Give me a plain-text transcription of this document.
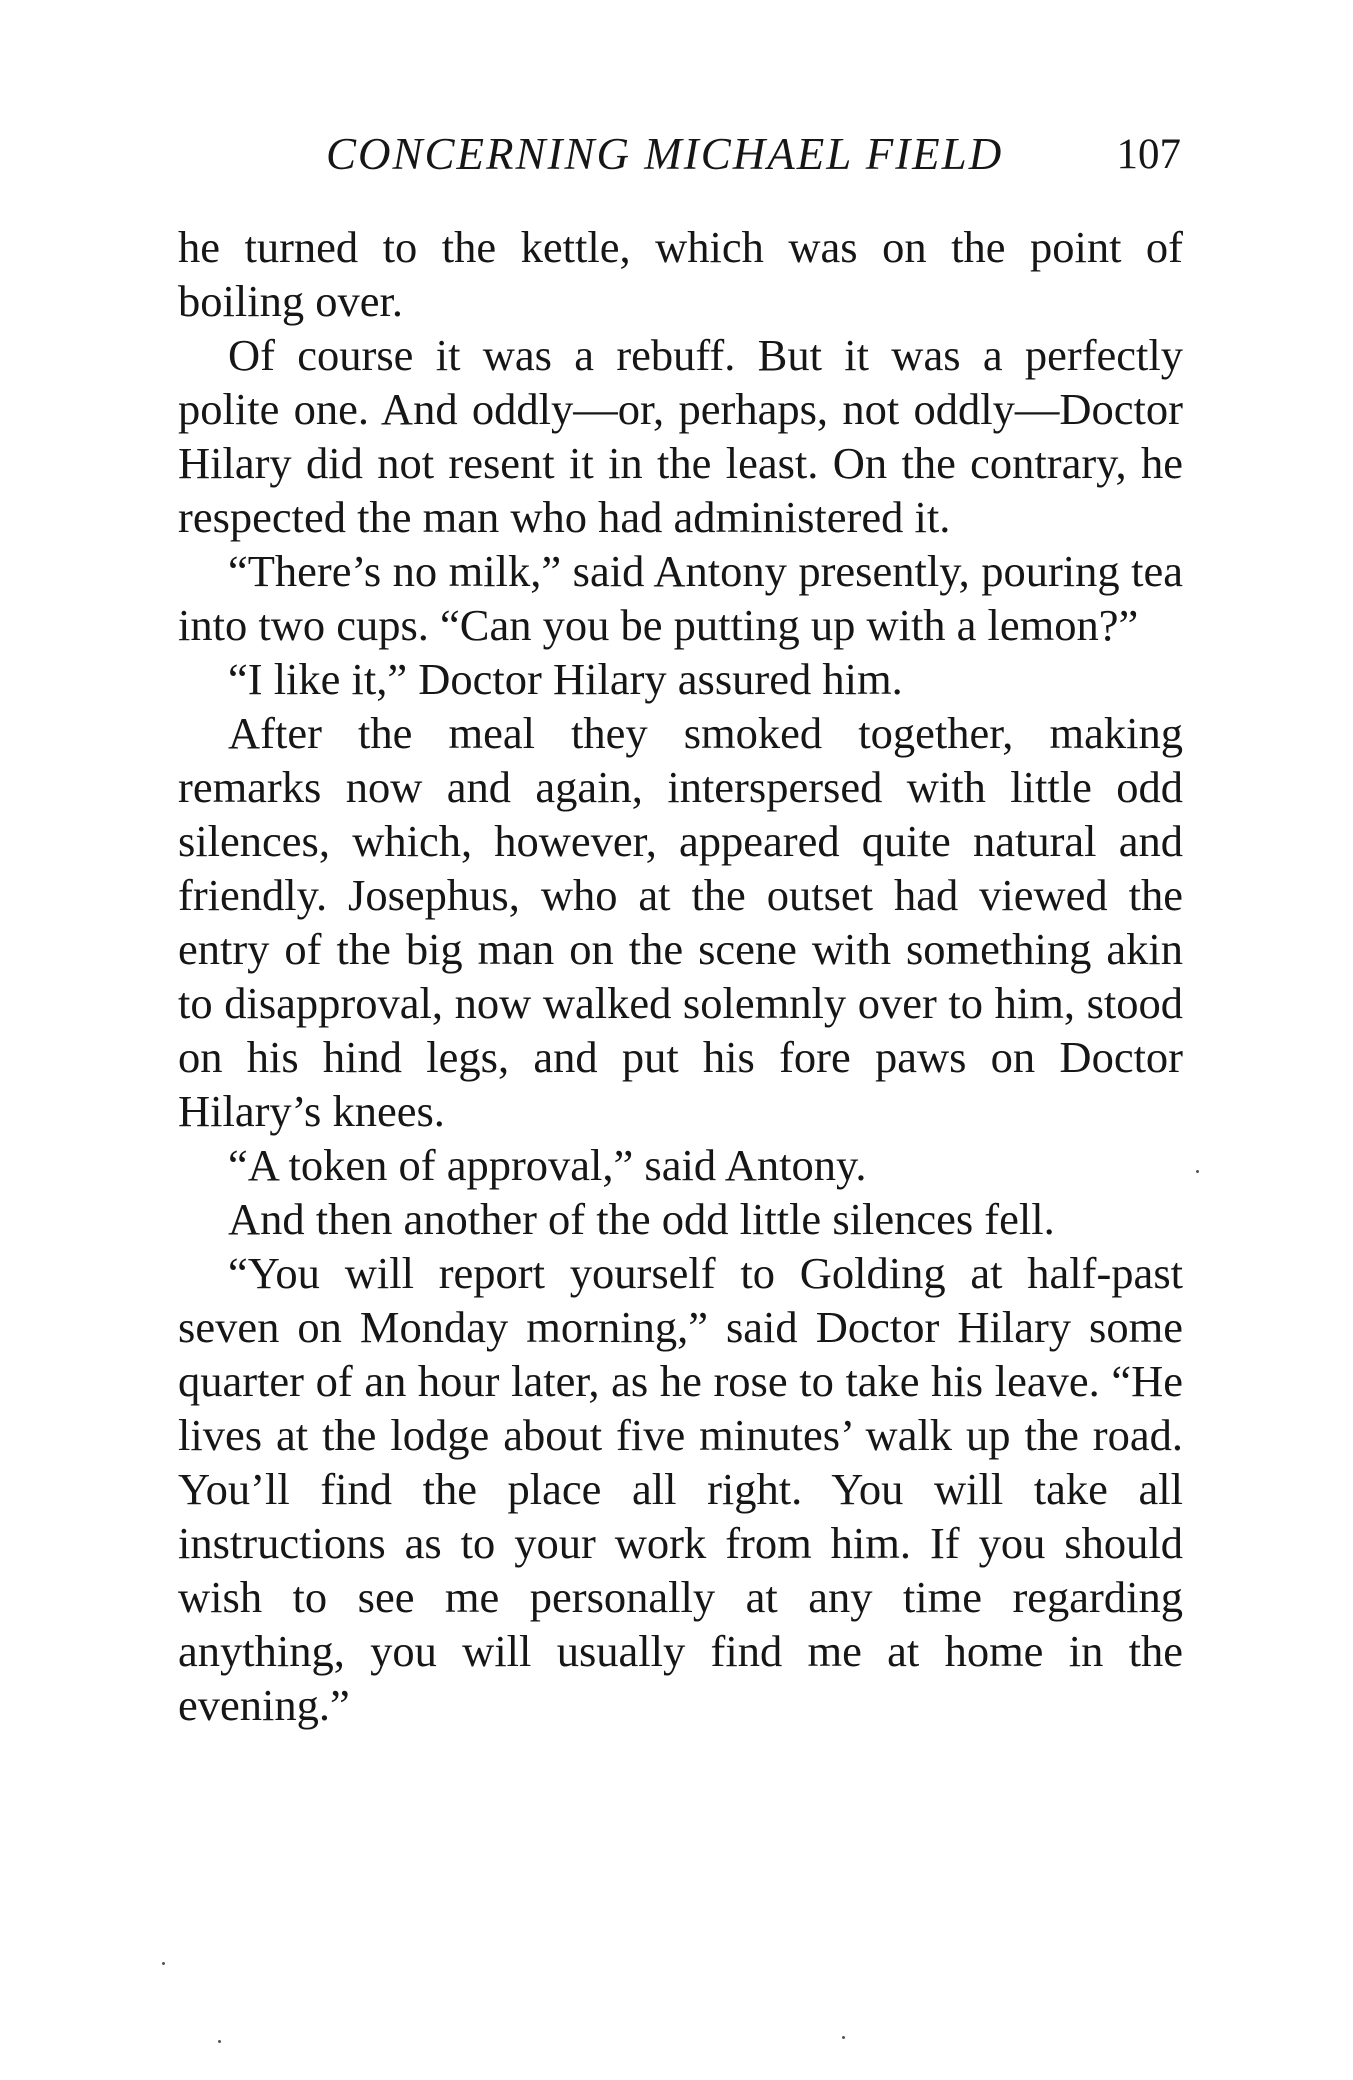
CONCERNING MICHAEL FIELD	107

he turned to the kettle, which was on the point of boiling over.

Of course it was a rebuff. But it was a perfectly polite one. And oddly—or, perhaps, not oddly—Doctor Hilary did not resent it in the least. On the contrary, he respected the man who had administered it.

“There’s no milk,” said Antony presently, pouring tea into two cups. “Can you be putting up with a lemon?”

“I like it,” Doctor Hilary assured him.

After the meal they smoked together, making remarks now and again, interspersed with little odd silences, which, however, appeared quite natural and friendly. Josephus, who at the outset had viewed the entry of the big man on the scene with something akin to disapproval, now walked solemnly over to him, stood on his hind legs, and put his fore paws on Doctor Hilary’s knees.

“A token of approval,” said Antony.

And then another of the odd little silences fell.

“You will report yourself to Golding at half-past seven on Monday morning,” said Doctor Hilary some quarter of an hour later, as he rose to take his leave. “He lives at the lodge about five minutes’ walk up the road. You’ll find the place all right. You will take all instructions as to your work from him. If you should wish to see me personally at any time regarding anything, you will usually find me at home in the evening.”
